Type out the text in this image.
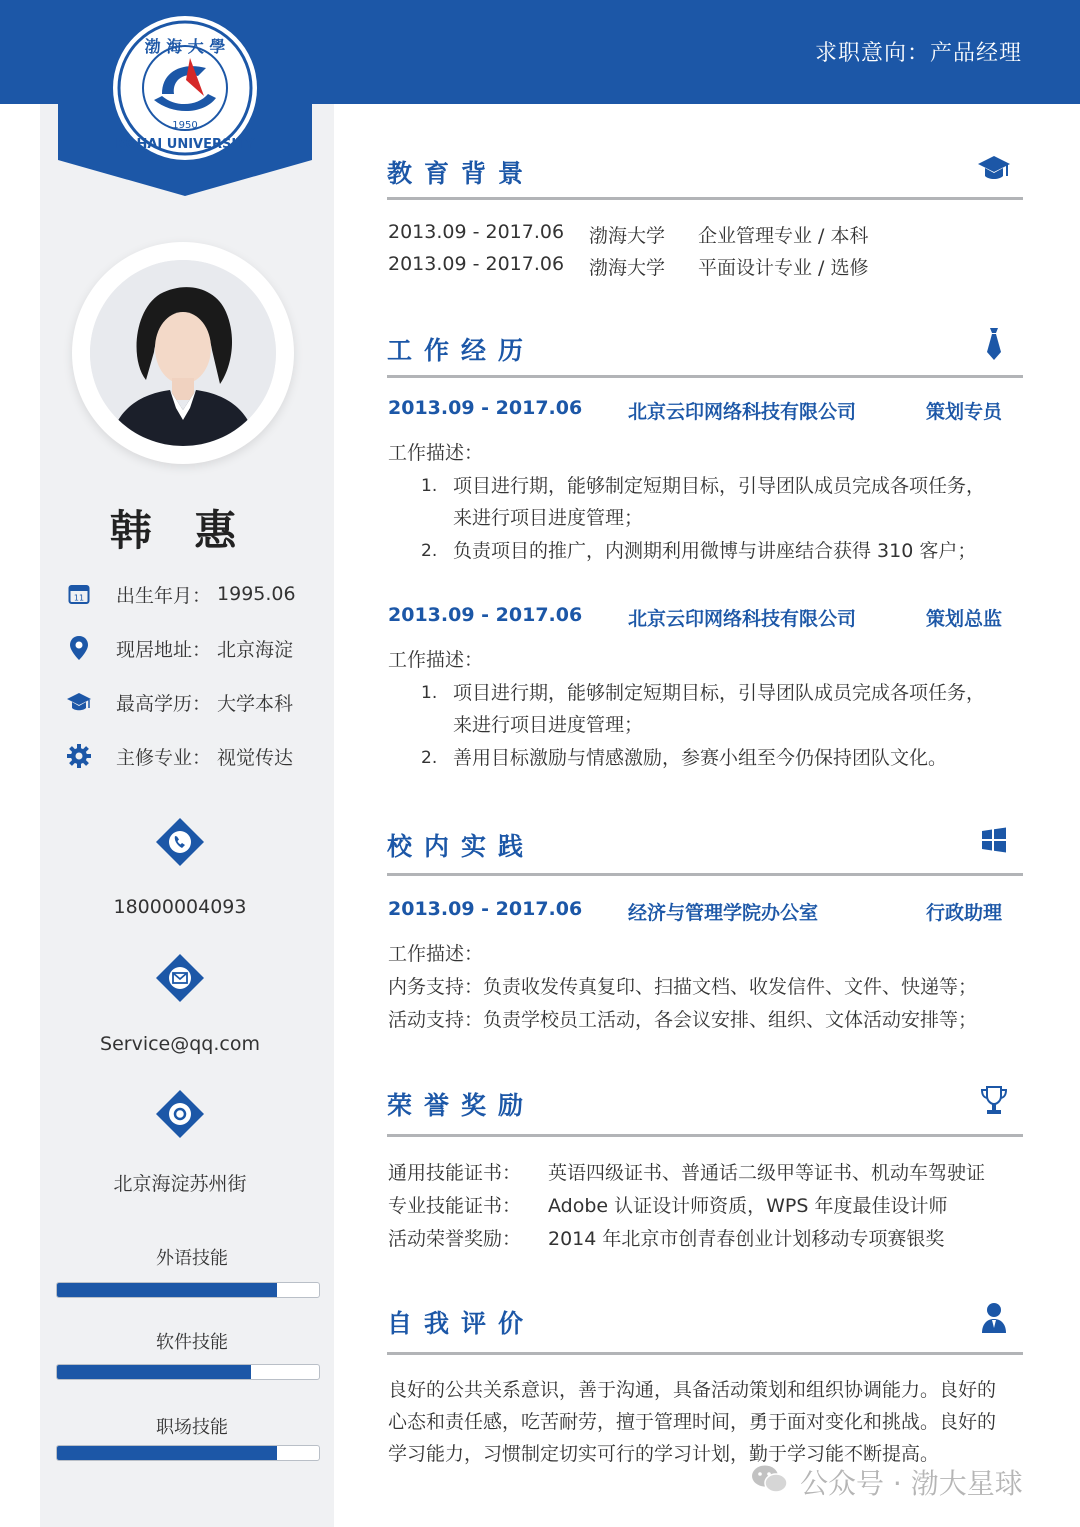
求职意向：产品经理
渤 海 大 學
BOHAI UNIVERSITY
1950
韩 惠
11 出生年月： 1995.06
现居地址： 北京海淀
最高学历： 大学本科
主修专业： 视觉传达
18000004093
Service@qq.com
北京海淀苏州街
外语技能
软件技能
职场技能
教育背景
2013.09 - 2017.06	渤海大学	企业管理专业 / 本科
2013.09 - 2017.06	渤海大学	平面设计专业 / 选修
工作经历
2013.09 - 2017.06 北京云印网络科技有限公司	策划专员
工作描述：
1. 项目进行期，能够制定短期目标，引导团队成员完成各项任务，
来进行项目进度管理；
2. 负责项目的推广，内测期利用微博与讲座结合获得 310 客户；
2013.09 - 2017.06 北京云印网络科技有限公司	策划总监
工作描述：
1. 项目进行期，能够制定短期目标，引导团队成员完成各项任务，
来进行项目进度管理；
2. 善用目标激励与情感激励，参赛小组至今仍保持团队文化。
校内实践
2013.09 - 2017.06 经济与管理学院办公室	行政助理
工作描述：
内务支持：负责收发传真复印、扫描文档、收发信件、文件、快递等；
活动支持：负责学校员工活动，各会议安排、组织、文体活动安排等；
荣誉奖励
通用技能证书： 英语四级证书、普通话二级甲等证书、机动车驾驶证
专业技能证书： Adobe 认证设计师资质，WPS 年度最佳设计师
活动荣誉奖励： 2014 年北京市创青春创业计划移动专项赛银奖
自我评价
良好的公共关系意识，善于沟通，具备活动策划和组织协调能力。良好的
心态和责任感，吃苦耐劳，擅于管理时间，勇于面对变化和挑战。良好的
学习能力，习惯制定切实可行的学习计划，勤于学习能不断提高。
公众号 · 渤大星球
